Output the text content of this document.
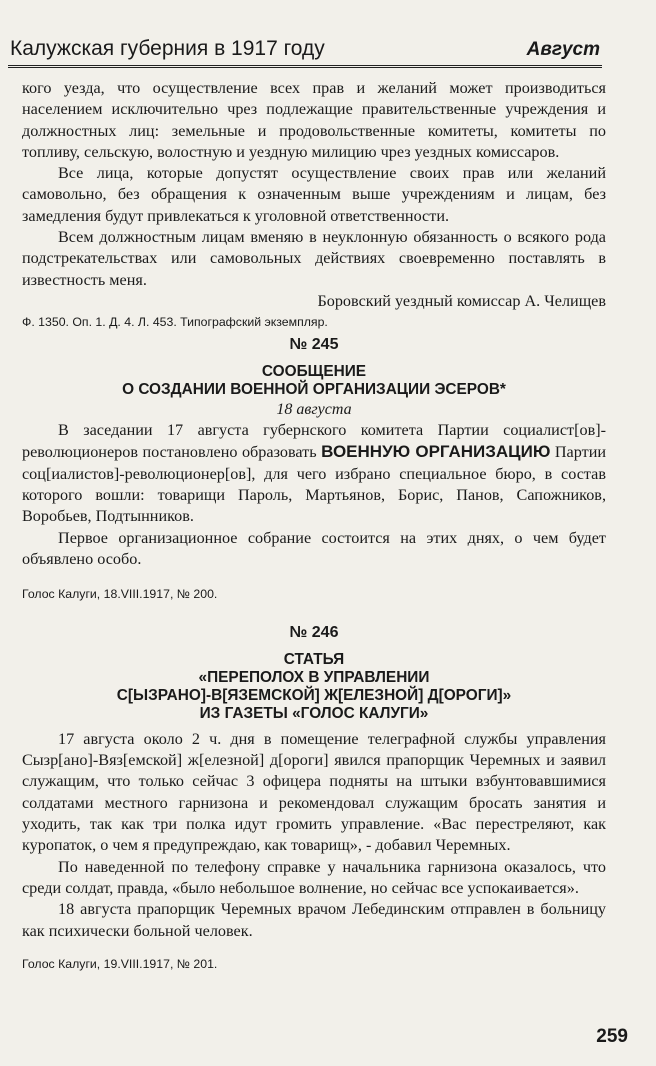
Калужская губерния в 1917 году	Август

кого уезда, что осуществление всех прав и желаний может производиться населением исключительно чрез подлежащие правительственные учреждения и должностных лиц: земельные и продовольственные комитеты, комитеты по топливу, сельскую, волостную и уездную милицию чрез уездных комиссаров.

Все лица, которые допустят осуществление своих прав или желаний самовольно, без обращения к означенным выше учреждениям и лицам, без замедления будут привлекаться к уголовной ответственности.

Всем должностным лицам вменяю в неуклонную обязанность о всякого рода подстрекательствах или самовольных действиях своевременно поставлять в известность меня.

Боровский уездный комиссар А. Челищев

Ф. 1350. Оп. 1. Д. 4. Л. 453. Типографский экземпляр.

№ 245

СООБЩЕНИЕ

О СОЗДАНИИ ВОЕННОЙ ОРГАНИЗАЦИИ ЭСЕРОВ*

18 августа

В заседании 17 августа губернского комитета Партии социалист[ов]-революционеров постановлено образовать ВОЕННУЮ ОРГАНИЗАЦИЮ Партии соц[иалистов]-революционер[ов], для чего избрано специальное бюро, в состав которого вошли: товарищи Пароль, Мартьянов, Борис, Панов, Сапожников, Воробьев, Подтынников.

Первое организационное собрание состоится на этих днях, о чем будет объявлено особо.

Голос Калуги, 18.VIII.1917, № 200.

№ 246

СТАТЬЯ

«ПЕРЕПОЛОХ В УПРАВЛЕНИИ

С[ЫЗРАНО]-В[ЯЗЕМСКОЙ] Ж[ЕЛЕЗНОЙ] Д[ОРОГИ]»

ИЗ ГАЗЕТЫ «ГОЛОС КАЛУГИ»

17 августа около 2 ч. дня в помещение телеграфной службы управления Сызр[ано]-Вяз[емской] ж[елезной] д[ороги] явился прапорщик Черемных и заявил служащим, что только сейчас 3 офицера подняты на штыки взбунтовавшимися солдатами местного гарнизона и рекомендовал служащим бросать занятия и уходить, так как три полка идут громить управление. «Вас перестреляют, как куропаток, о чем я предупреждаю, как товарищ», - добавил Черемных.

По наведенной по телефону справке у начальника гарнизона оказалось, что среди солдат, правда, «было небольшое волнение, но сейчас все успокаивается».

18 августа прапорщик Черемных врачом Лебединским отправлен в больницу как психически больной человек.

Голос Калуги, 19.VIII.1917, № 201.

259
